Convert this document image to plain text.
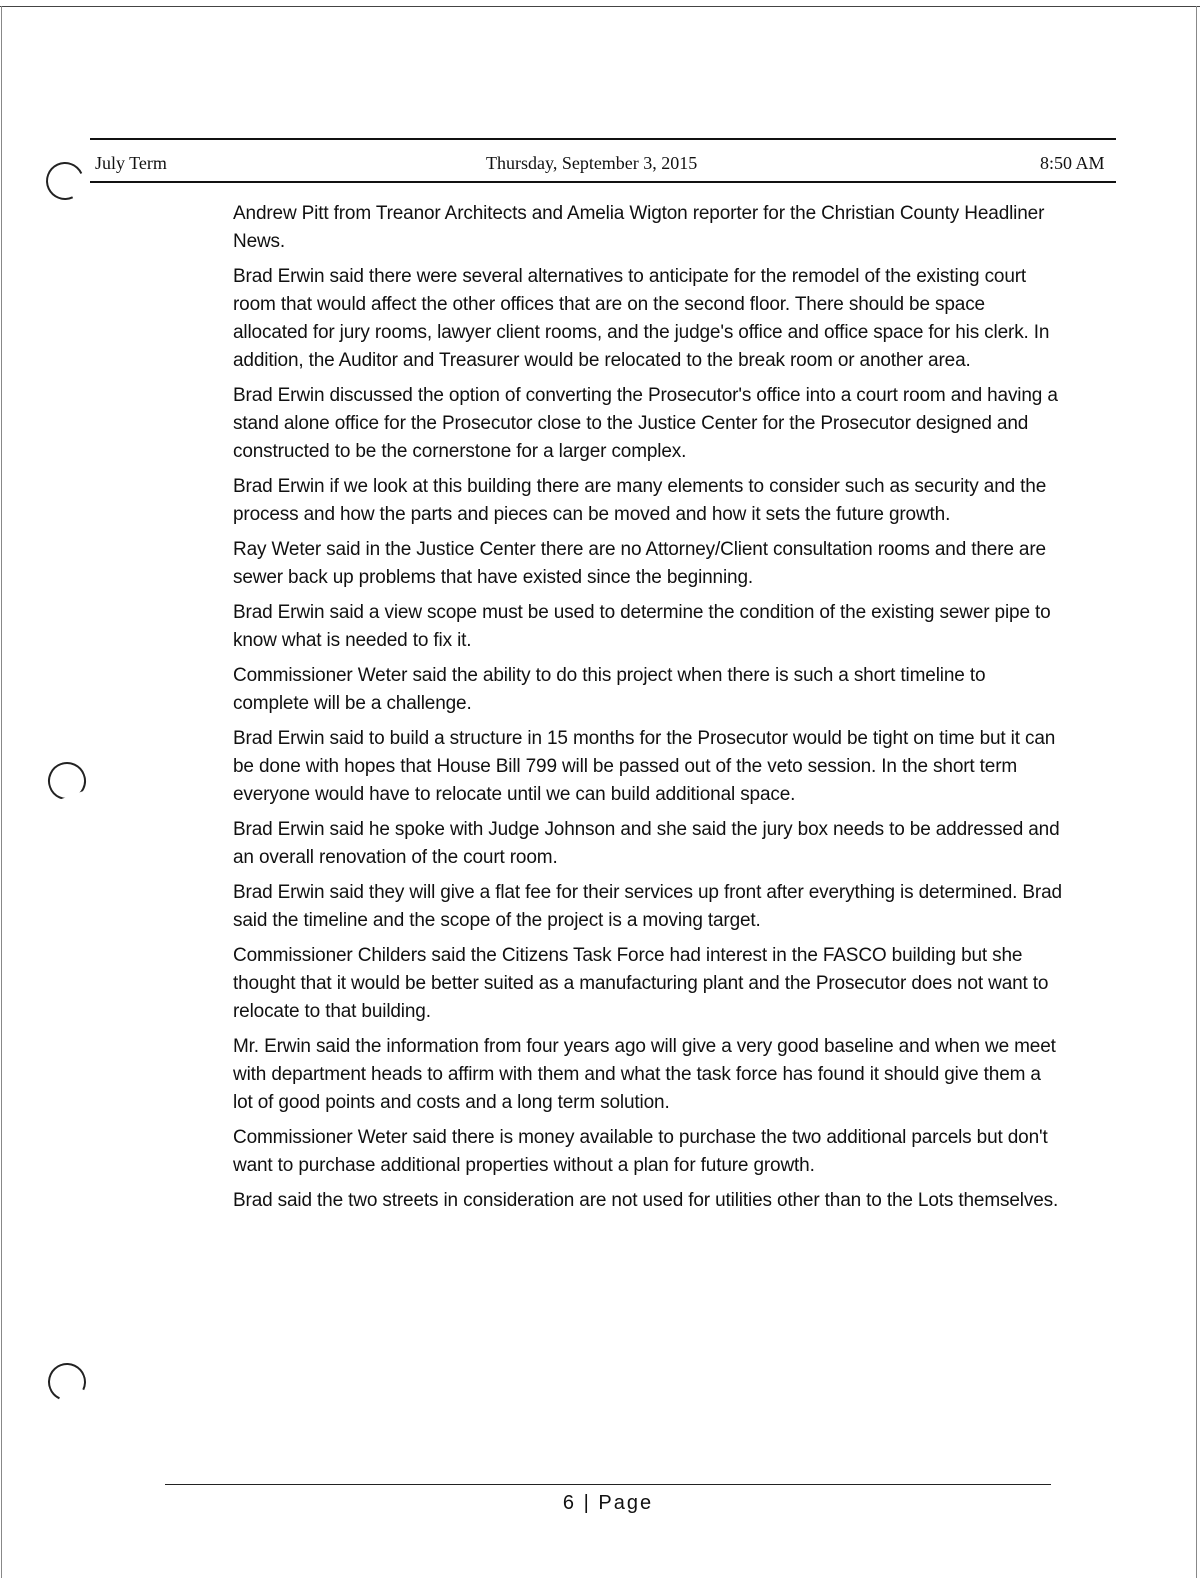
July Term	Thursday, September 3, 2015	8:50 AM

Andrew Pitt from Treanor Architects and Amelia Wigton reporter for the Christian County Headliner News.

Brad Erwin said there were several alternatives to anticipate for the remodel of the existing court room that would affect the other offices that are on the second floor. There should be space allocated for jury rooms, lawyer client rooms, and the judge's office and office space for his clerk. In addition, the Auditor and Treasurer would be relocated to the break room or another area.

Brad Erwin discussed the option of converting the Prosecutor's office into a court room and having a stand alone office for the Prosecutor close to the Justice Center for the Prosecutor designed and constructed to be the cornerstone for a larger complex.

Brad Erwin if we look at this building there are many elements to consider such as security and the process and how the parts and pieces can be moved and how it sets the future growth.

Ray Weter said in the Justice Center there are no Attorney/Client consultation rooms and there are sewer back up problems that have existed since the beginning.

Brad Erwin said a view scope must be used to determine the condition of the existing sewer pipe to know what is needed to fix it.

Commissioner Weter said the ability to do this project when there is such a short timeline to complete will be a challenge.

Brad Erwin said to build a structure in 15 months for the Prosecutor would be tight on time but it can be done with hopes that House Bill 799 will be passed out of the veto session. In the short term everyone would have to relocate until we can build additional space.

Brad Erwin said he spoke with Judge Johnson and she said the jury box needs to be addressed and an overall renovation of the court room.

Brad Erwin said they will give a flat fee for their services up front after everything is determined. Brad said the timeline and the scope of the project is a moving target.

Commissioner Childers said the Citizens Task Force had interest in the FASCO building but she thought that it would be better suited as a manufacturing plant and the Prosecutor does not want to relocate to that building.

Mr. Erwin said the information from four years ago will give a very good baseline and when we meet with department heads to affirm with them and what the task force has found it should give them a lot of good points and costs and a long term solution.

Commissioner Weter said there is money available to purchase the two additional parcels but don't want to purchase additional properties without a plan for future growth.

Brad said the two streets in consideration are not used for utilities other than to the Lots themselves.

6 | Page
